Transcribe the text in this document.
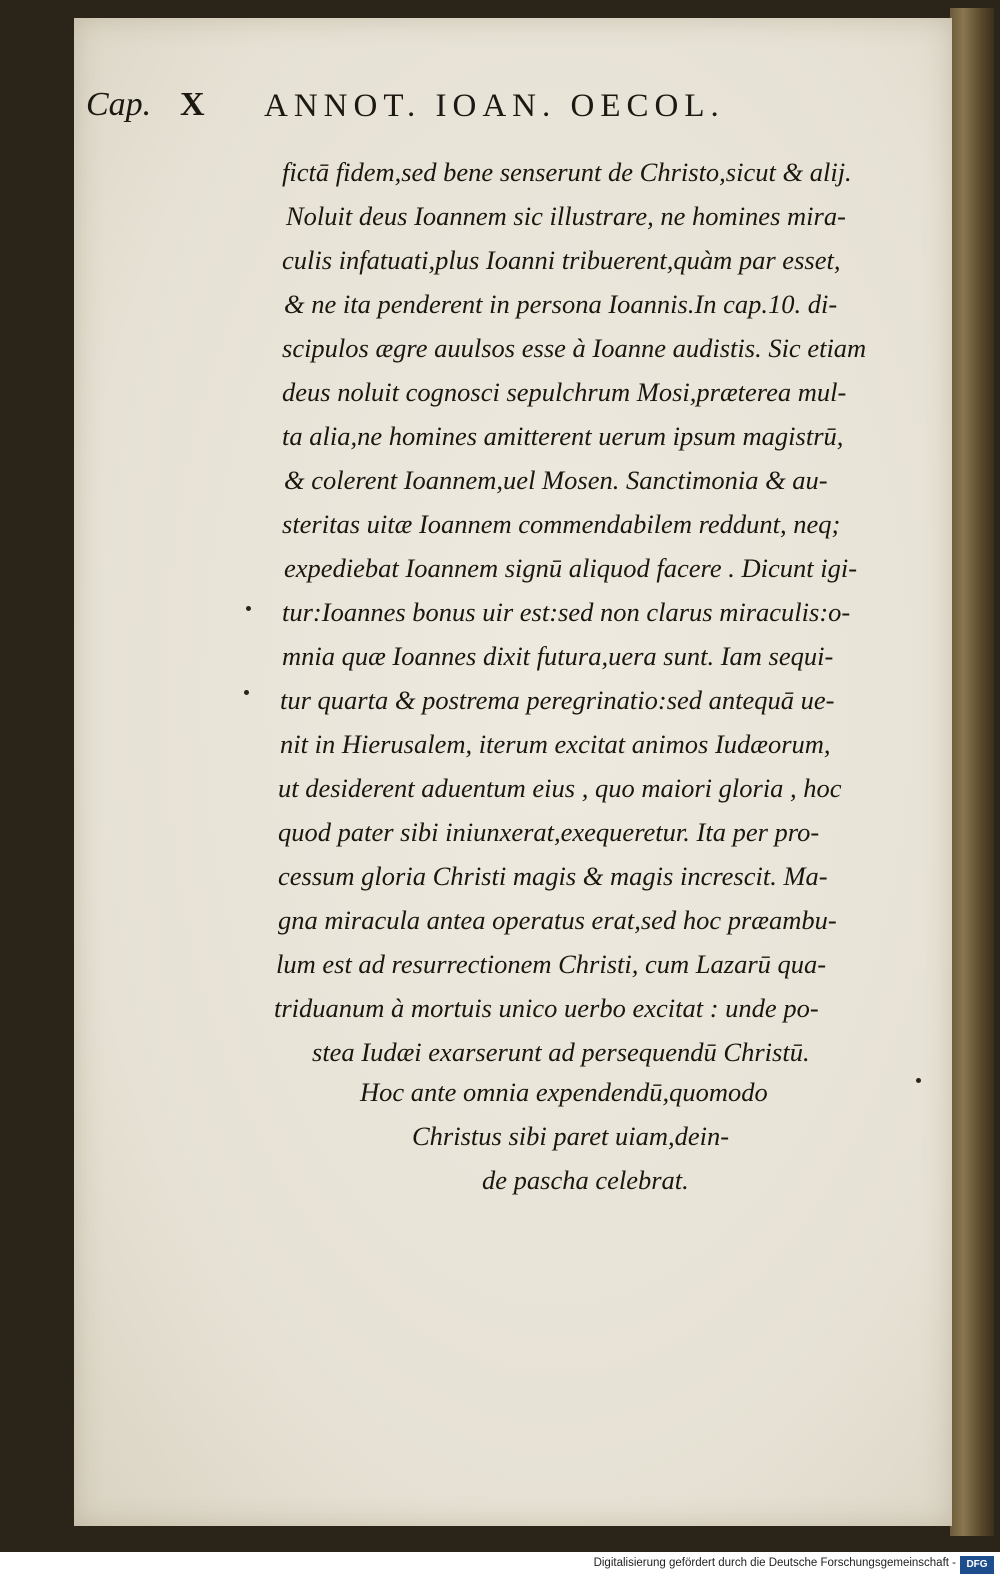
Cap. X ANNOT. IOAN. OECOL.
fictā fidem,sed bene senserunt de Christo,sicut & alij.
Noluit deus Ioannem sic illustrare, ne homines mira-
culis infatuati,plus Ioanni tribuerent,quàm par esset,
& ne ita penderent in persona Ioannis.In cap.10. di-
scipulos ægre auulsos esse à Ioanne audistis. Sic etiam
deus noluit cognosci sepulchrum Mosi,præterea mul-
ta alia,ne homines amitterent uerum ipsum magistrū,
& colerent Ioannem,uel Mosen. Sanctimonia & au-
steritas uitæ Ioannem commendabilem reddunt, neq;
expediebat Ioannem signū aliquod facere . Dicunt igi-
tur:Ioannes bonus uir est:sed non clarus miraculis:o-
mnia quæ Ioannes dixit futura,uera sunt. Iam sequi-
tur quarta & postrema peregrinatio:sed antequā ue-
nit in Hierusalem, iterum excitat animos Iudæorum,
ut desiderent aduentum eius , quo maiori gloria , hoc
quod pater sibi iniunxerat,exequeretur. Ita per pro-
cessum gloria Christi magis & magis increscit. Ma-
gna miracula antea operatus erat,sed hoc præambu-
lum est ad resurrectionem Christi, cum Lazarū qua-
triduanum à mortuis unico uerbo excitat : unde po-
stea Iudæi exarserunt ad persequendū Christū.
Hoc ante omnia expendendū,quomodo
Christus sibi paret uiam,dein-
de pascha celebrat.
Digitalisierung gefördert durch die Deutsche Forschungsgemeinschaft -	DFG
